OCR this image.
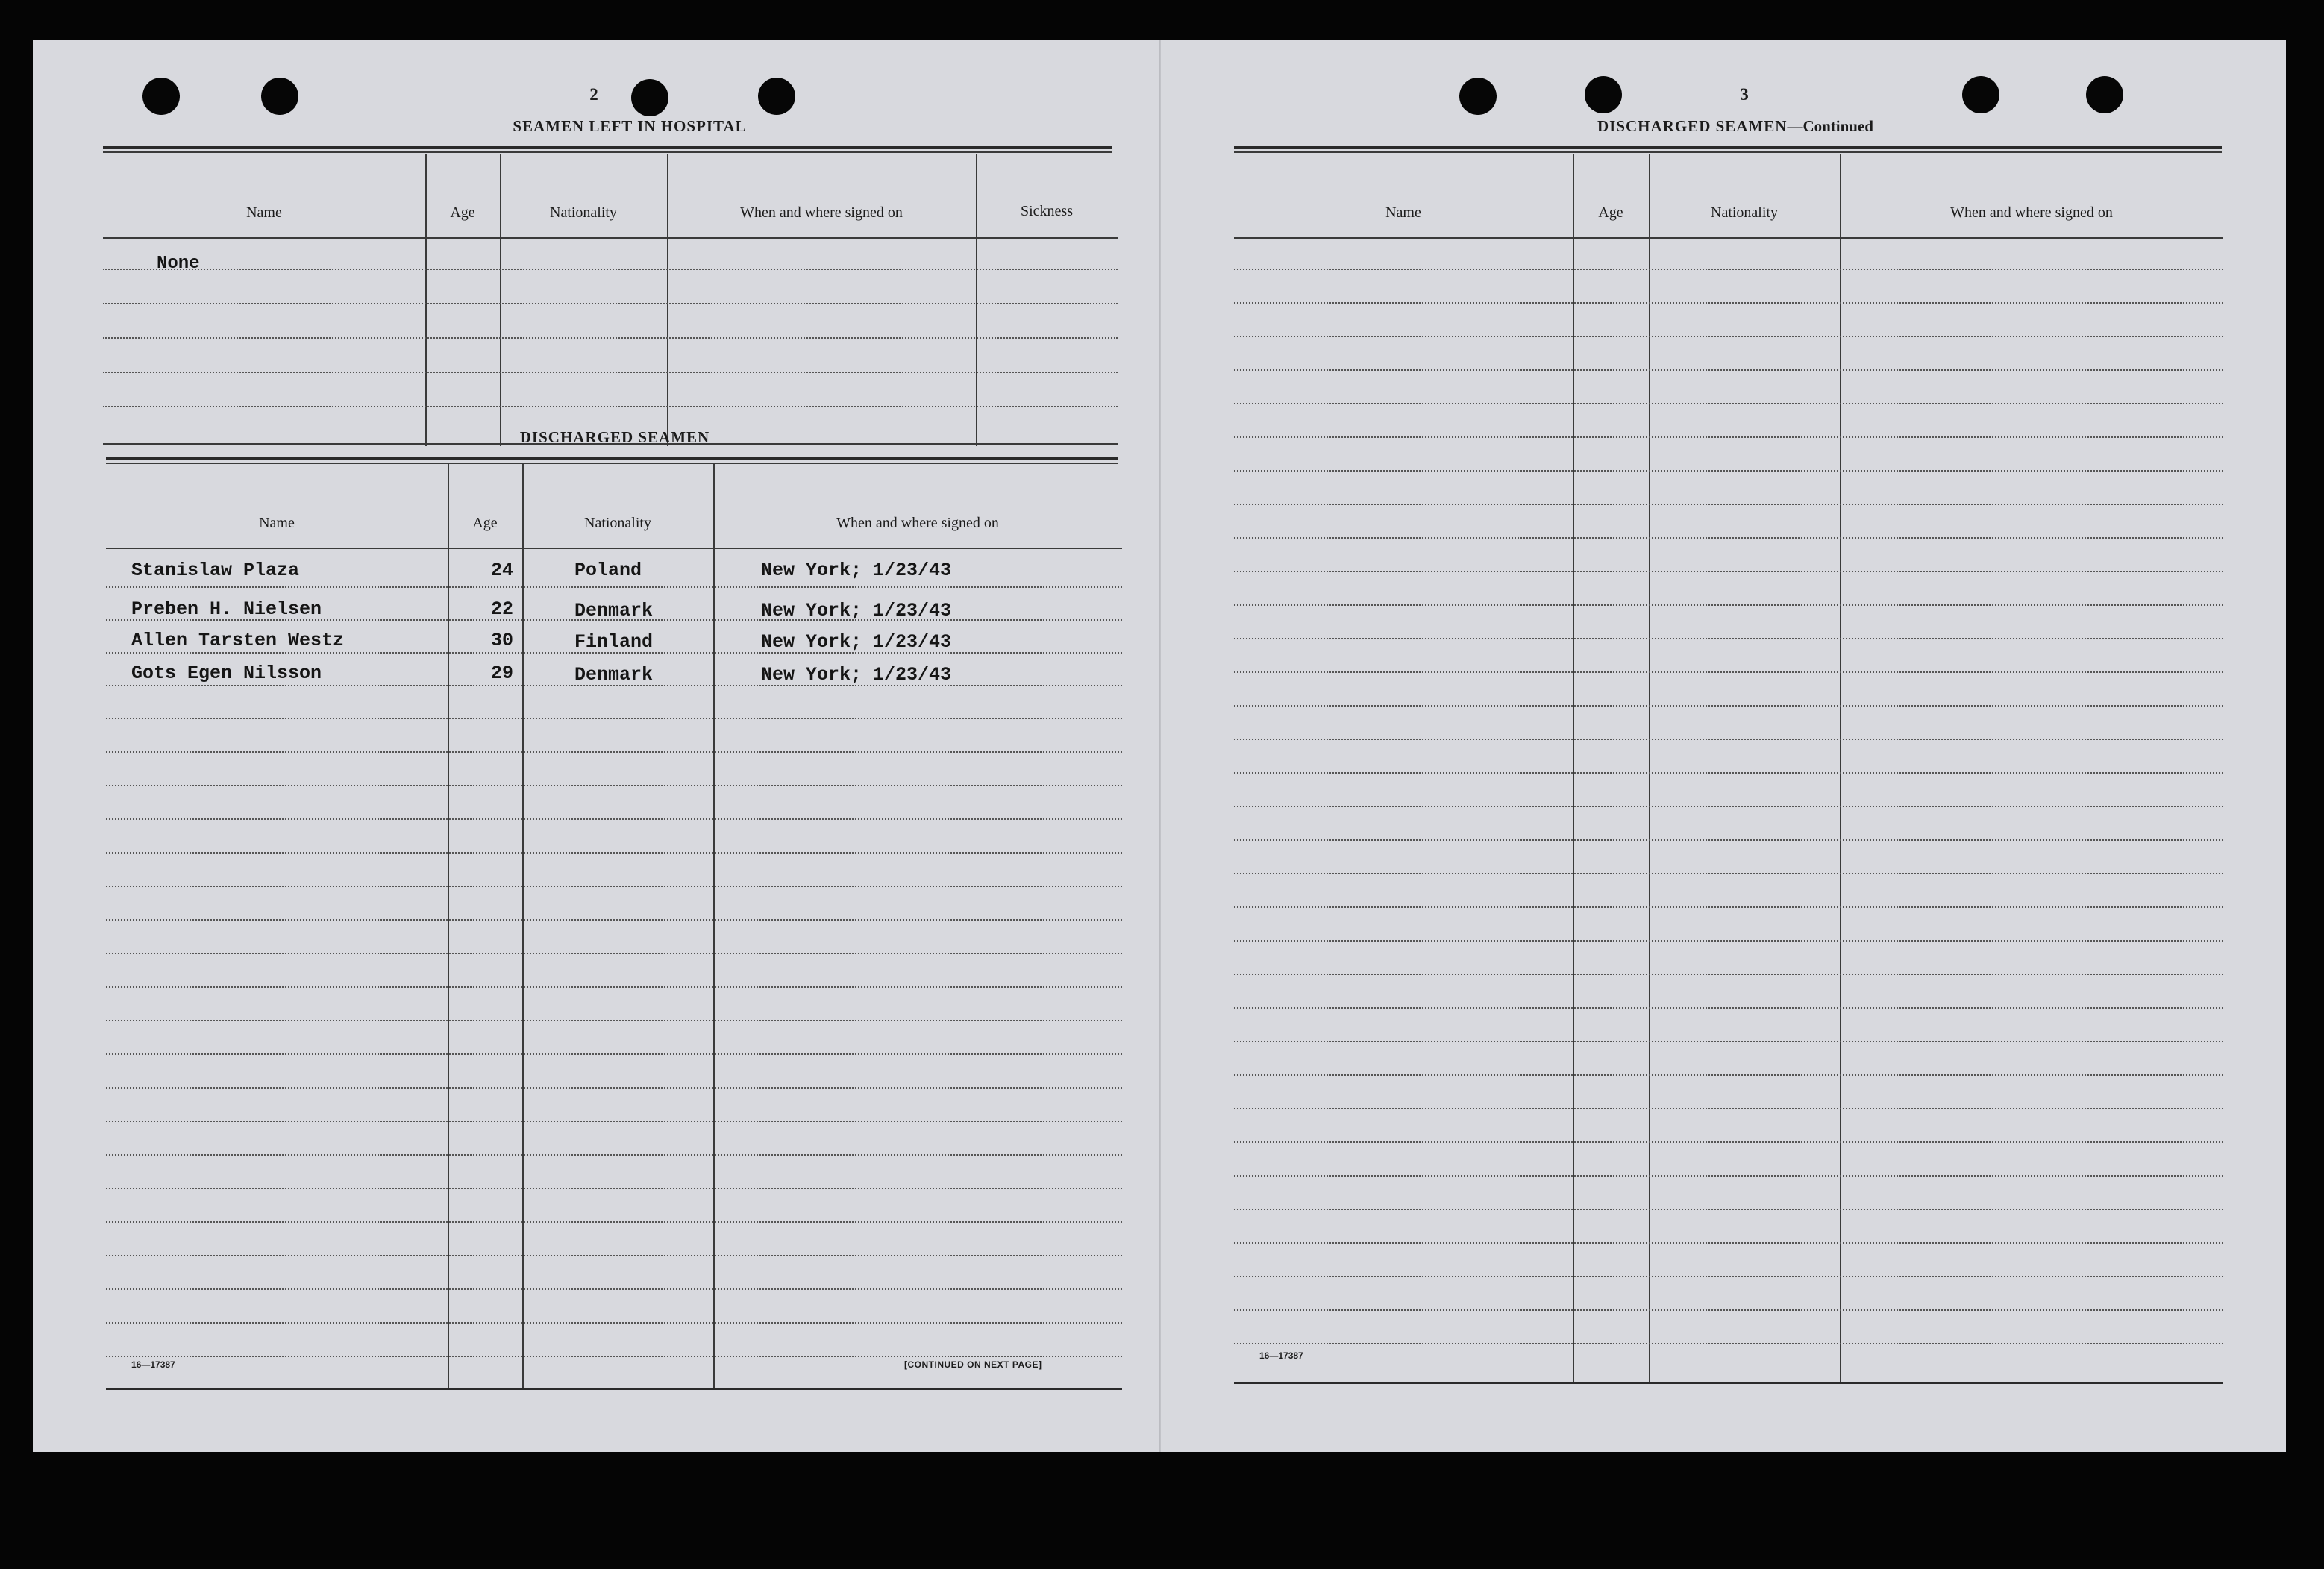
2
SEAMEN LEFT IN HOSPITAL
Name	Age	Nationality	When and where signed on	Sickness
None
DISCHARGED SEAMEN
Name	Age	Nationality	When and where signed on
Stanislaw Plaza	24	Poland	New York; 1/23/43
Preben H. Nielsen	22	Denmark	New York; 1/23/43
Allen Tarsten Westz	30	Finland	New York; 1/23/43
Gots Egen Nilsson	29	Denmark	New York; 1/23/43
16—17387	[CONTINUED ON NEXT PAGE]
3
DISCHARGED SEAMEN—Continued
Name	Age	Nationality	When and where signed on
16—17387
